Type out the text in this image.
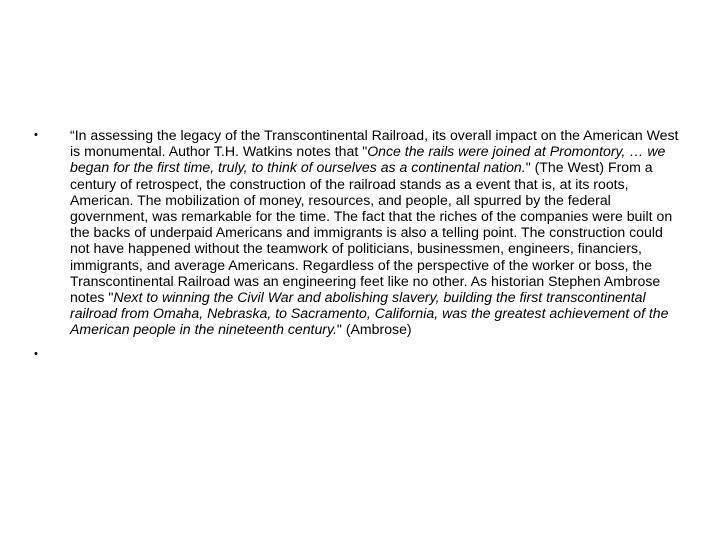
• “In assessing the legacy of the Transcontinental Railroad, its overall impact on the American West is monumental. Author T.H. Watkins notes that "Once the rails were joined at Promontory, … we began for the first time, truly, to think of ourselves as a continental nation." (The West) From a century of retrospect, the construction of the railroad stands as a event that is, at its roots, American. The mobilization of money, resources, and people, all spurred by the federal government, was remarkable for the time. The fact that the riches of the companies were built on the backs of underpaid Americans and immigrants is also a telling point. The construction could not have happened without the teamwork of politicians, businessmen, engineers, financiers, immigrants, and average Americans. Regardless of the perspective of the worker or boss, the Transcontinental Railroad was an engineering feet like no other. As historian Stephen Ambrose notes "Next to winning the Civil War and abolishing slavery, building the first transcontinental railroad from Omaha, Nebraska, to Sacramento, California, was the greatest achievement of the American people in the nineteenth century." (Ambrose)
•
